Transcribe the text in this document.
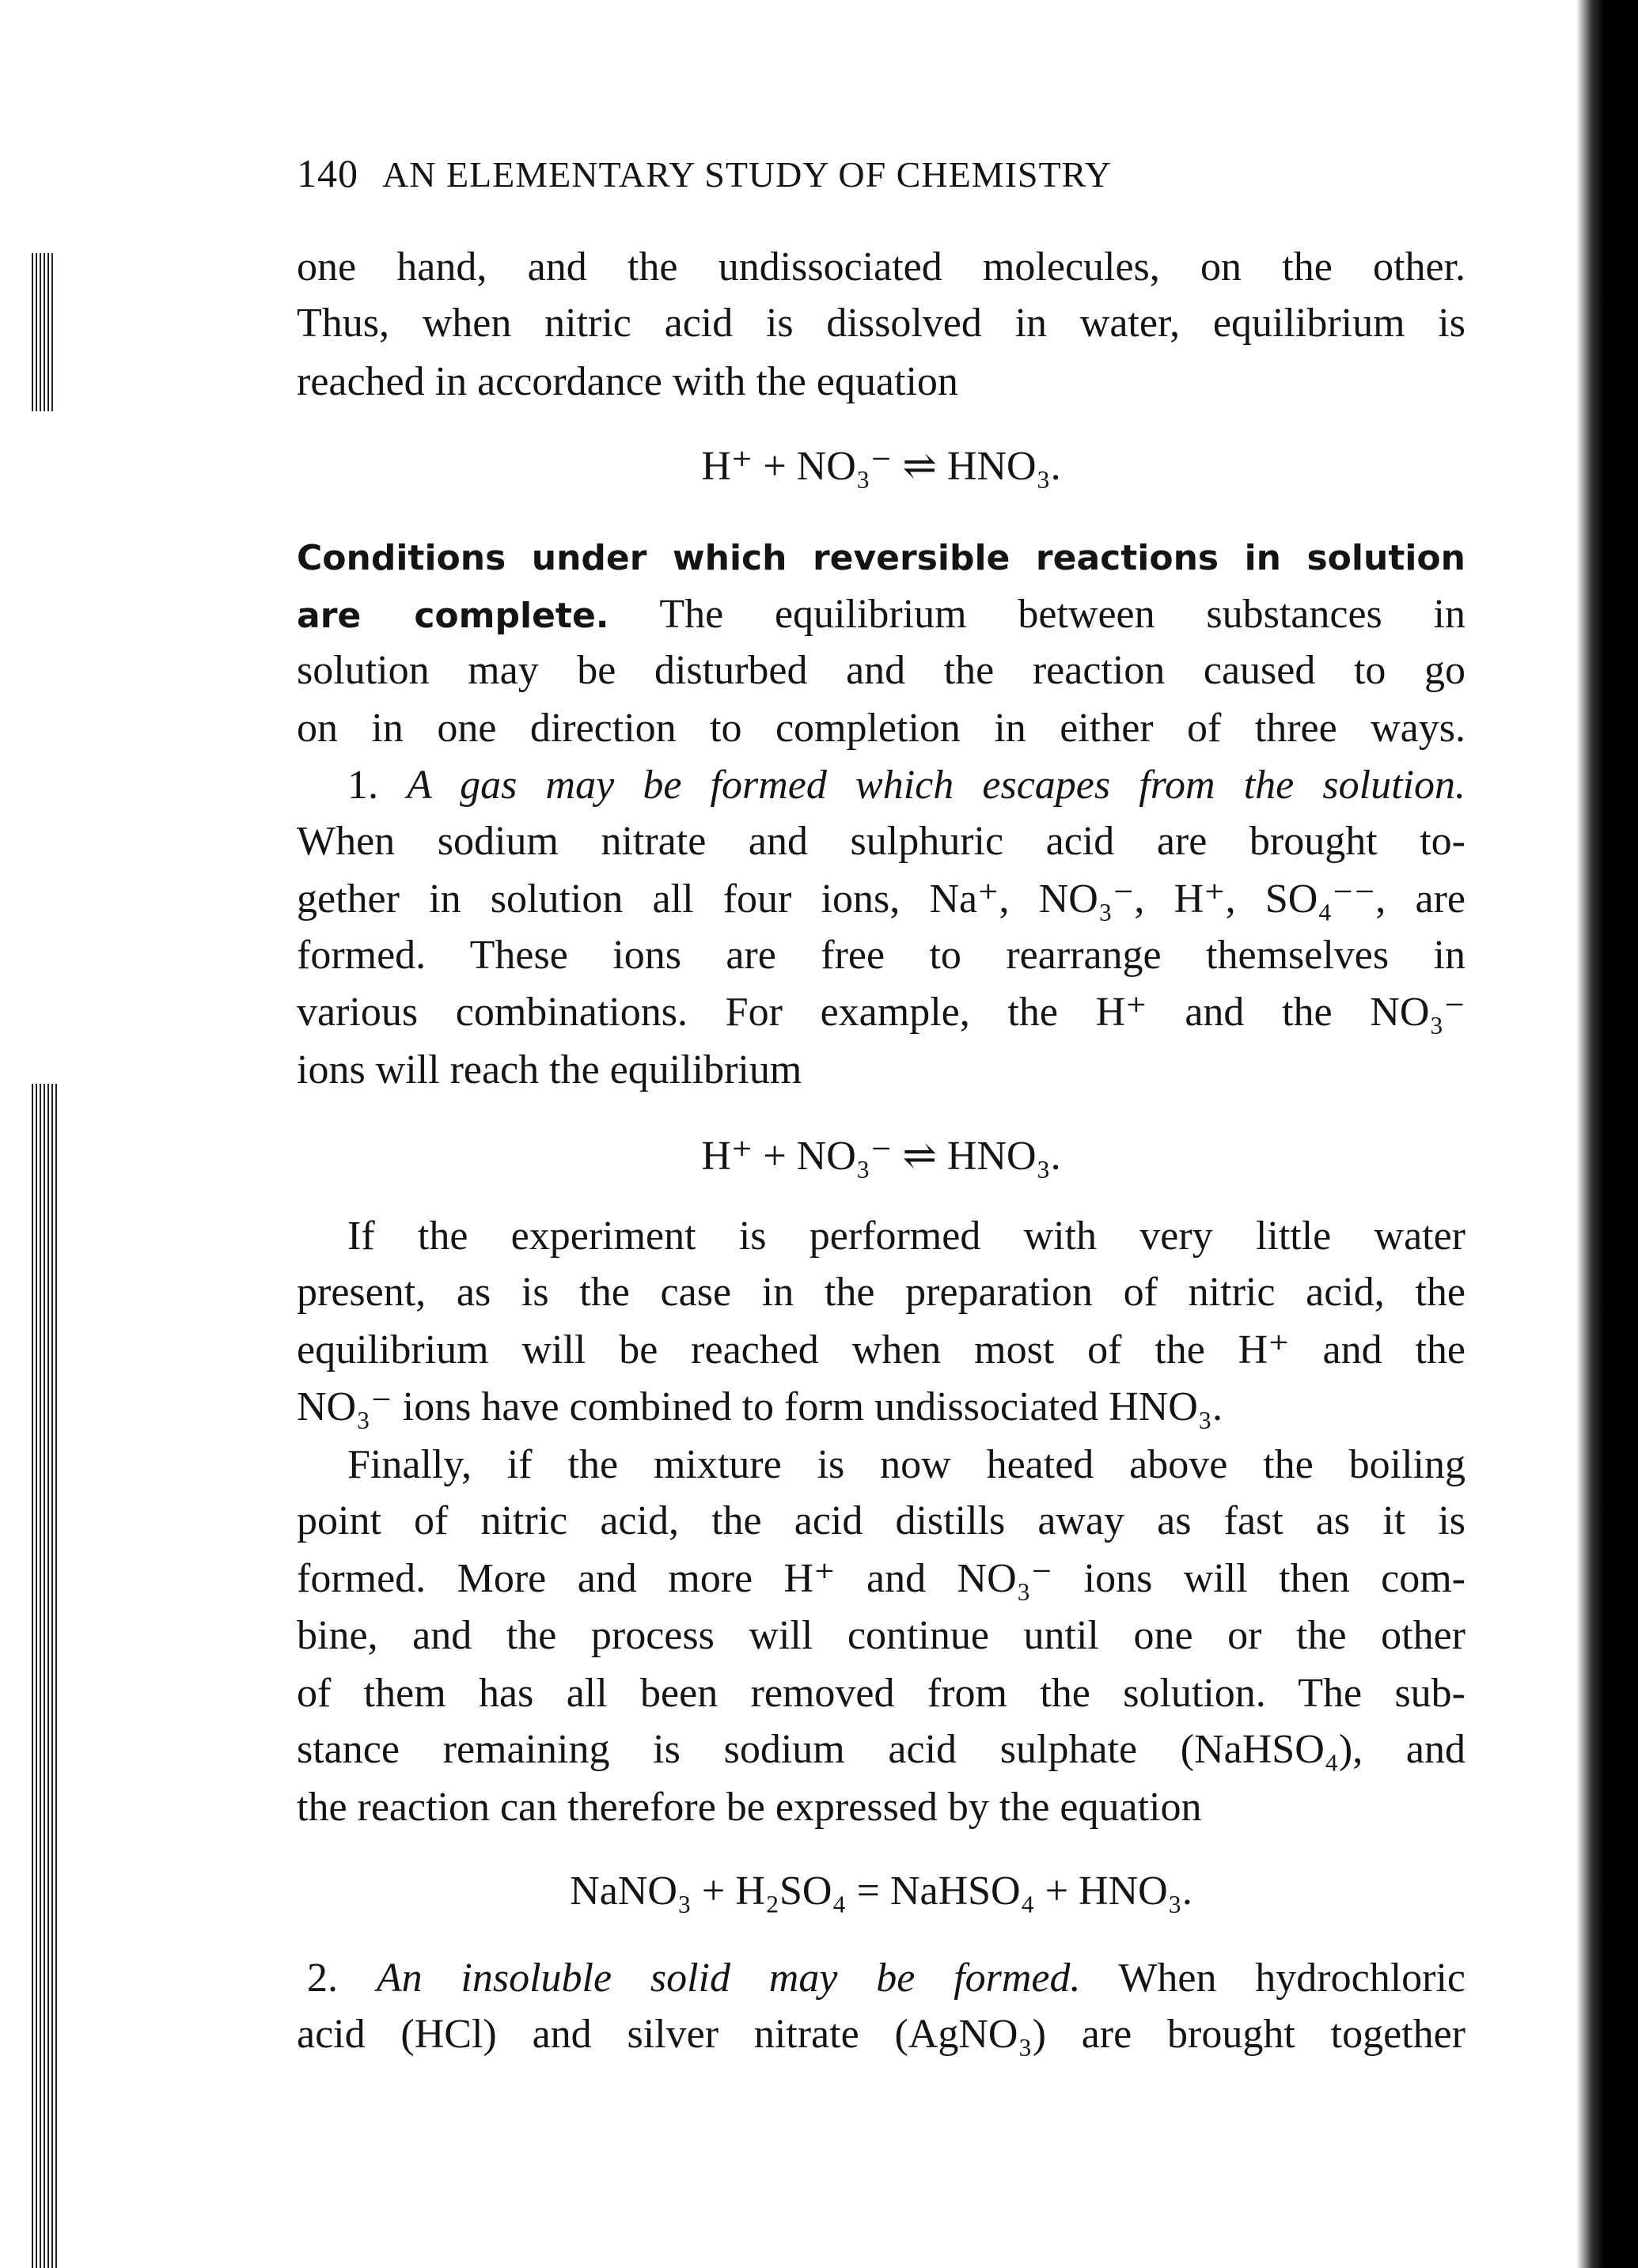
140 AN ELEMENTARY STUDY OF CHEMISTRY
one hand, and the undissociated molecules, on the other.
Thus, when nitric acid is dissolved in water, equilibrium is
reached in accordance with the equation
H⁺ + NO₃⁻ ⇌ HNO₃.
Conditions under which reversible reactions in solution
are complete. The equilibrium between substances in
solution may be disturbed and the reaction caused to go
on in one direction to completion in either of three ways.
1. A gas may be formed which escapes from the solution.
When sodium nitrate and sulphuric acid are brought to-
gether in solution all four ions, Na⁺, NO₃⁻, H⁺, SO₄⁻⁻, are
formed. These ions are free to rearrange themselves in
various combinations. For example, the H⁺ and the NO₃⁻
ions will reach the equilibrium
H⁺ + NO₃⁻ ⇌ HNO₃.
If the experiment is performed with very little water
present, as is the case in the preparation of nitric acid, the
equilibrium will be reached when most of the H⁺ and the
NO₃⁻ ions have combined to form undissociated HNO₃.
Finally, if the mixture is now heated above the boiling
point of nitric acid, the acid distills away as fast as it is
formed. More and more H⁺ and NO₃⁻ ions will then com-
bine, and the process will continue until one or the other
of them has all been removed from the solution. The sub-
stance remaining is sodium acid sulphate (NaHSO₄), and
the reaction can therefore be expressed by the equation
NaNO₃ + H₂SO₄ = NaHSO₄ + HNO₃.
2. An insoluble solid may be formed. When hydrochloric
acid (HCl) and silver nitrate (AgNO₃) are brought together
